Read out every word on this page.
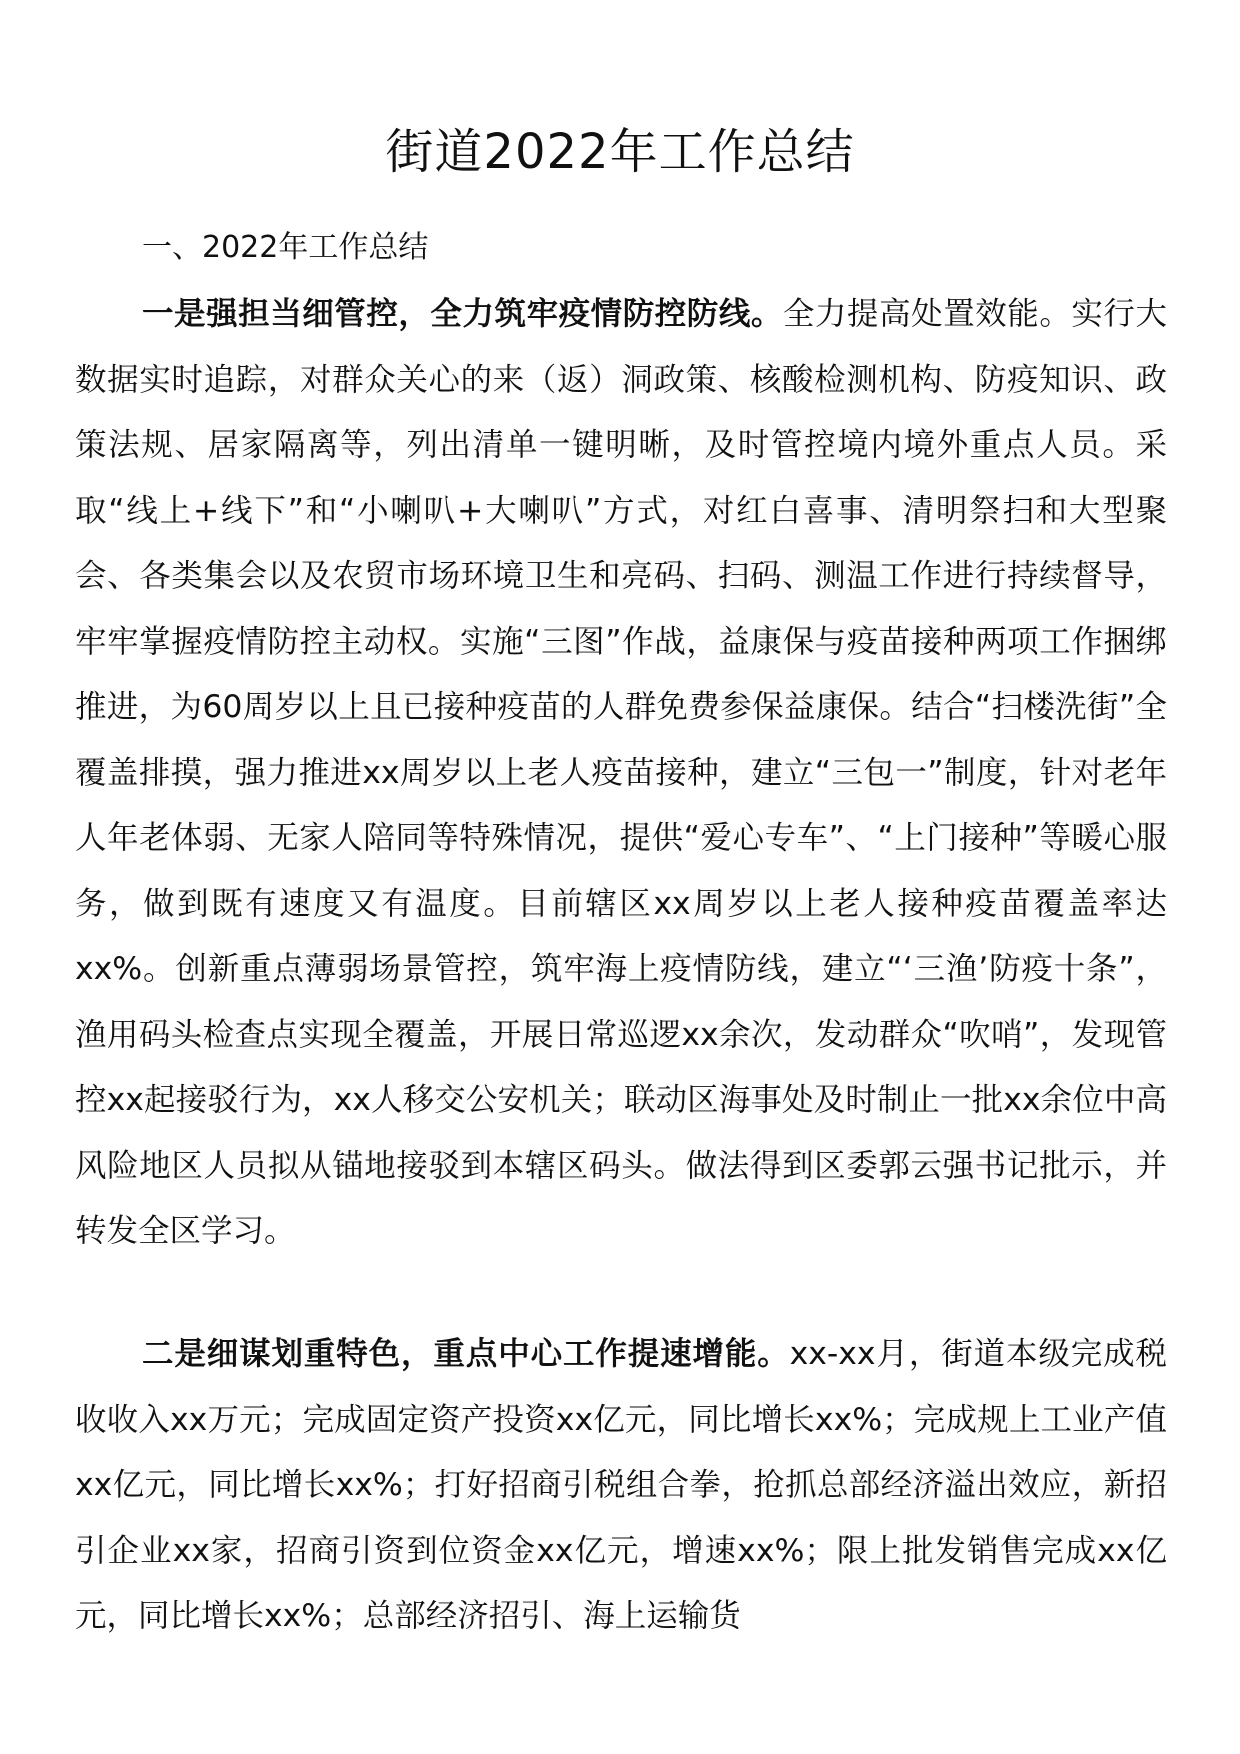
街道2022年工作总结

一、2022年工作总结

一是强担当细管控，全力筑牢疫情防控防线。全力提高处置效能。实行大数据实时追踪，对群众关心的来（返）洞政策、核酸检测机构、防疫知识、政策法规、居家隔离等，列出清单一键明晰，及时管控境内境外重点人员。采取“线上+线下”和“小喇叭+大喇叭”方式，对红白喜事、清明祭扫和大型聚会、各类集会以及农贸市场环境卫生和亮码、扫码、测温工作进行持续督导，牢牢掌握疫情防控主动权。实施“三图”作战，益康保与疫苗接种两项工作捆绑推进，为60周岁以上且已接种疫苗的人群免费参保益康保。结合“扫楼洗街”全覆盖排摸，强力推进xx周岁以上老人疫苗接种，建立“三包一”制度，针对老年人年老体弱、无家人陪同等特殊情况，提供“爱心专车”、“上门接种”等暖心服务，做到既有速度又有温度。目前辖区xx周岁以上老人接种疫苗覆盖率达xx%。创新重点薄弱场景管控，筑牢海上疫情防线，建立“‘三渔’防疫十条”，渔用码头检查点实现全覆盖，开展日常巡逻xx余次，发动群众“吹哨”，发现管控xx起接驳行为，xx人移交公安机关；联动区海事处及时制止一批xx余位中高风险地区人员拟从锚地接驳到本辖区码头。做法得到区委郭云强书记批示，并转发全区学习。

二是细谋划重特色，重点中心工作提速增能。xx-xx月，街道本级完成税收收入xx万元；完成固定资产投资xx亿元，同比增长xx%；完成规上工业产值xx亿元，同比增长xx%；打好招商引税组合拳，抢抓总部经济溢出效应，新招引企业xx家，招商引资到位资金xx亿元，增速xx%；限上批发销售完成xx亿元，同比增长xx%；总部经济招引、海上运输货
